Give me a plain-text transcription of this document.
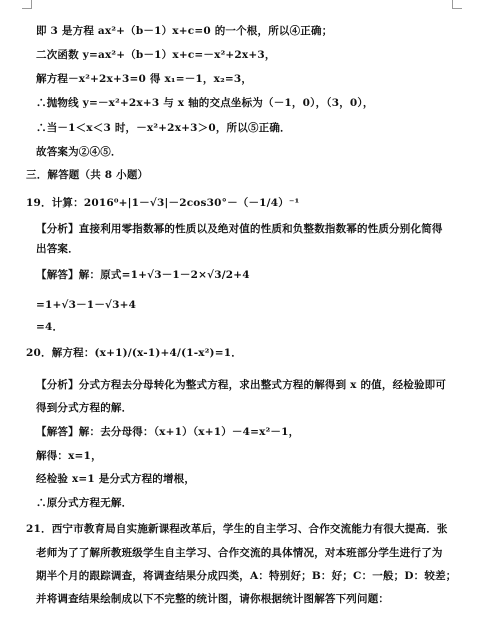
即 3 是方程 ax²+（b－1）x+c=0 的一个根，所以④正确；
二次函数 y=ax²+（b－1）x+c=－x²+2x+3，
解方程－x²+2x+3=0 得 x₁=－1，x₂=3，
∴抛物线 y=－x²+2x+3 与 x 轴的交点坐标为（－1，0），（3，0），
∴当－1＜x＜3 时，－x²+2x+3＞0，所以⑤正确．
故答案为②④⑤．
三．解答题（共 8 小题）
19．计算：2016⁰+|1－√3|－2cos30°－（－1/4）⁻¹
【分析】直接利用零指数幂的性质以及绝对值的性质和负整数指数幂的性质分别化简得
出答案．
【解答】解：原式=1+√3－1－2×√3/2+4
=1+√3－1－√3+4
=4．
20．解方程：(x+1)/(x-1)+4/(1-x²)=1．
【分析】分式方程去分母转化为整式方程，求出整式方程的解得到 x 的值，经检验即可
得到分式方程的解．
【解答】解：去分母得：（x+1）（x+1）－4=x²－1，
解得：x=1，
经检验 x=1 是分式方程的增根，
∴原分式方程无解．
21．西宁市教育局自实施新课程改革后，学生的自主学习、合作交流能力有很大提高．张
老师为了了解所教班级学生自主学习、合作交流的具体情况，对本班部分学生进行了为
期半个月的跟踪调查，将调查结果分成四类，A：特别好；B：好；C：一般；D：较差；
并将调查结果绘制成以下不完整的统计图，请你根据统计图解答下列问题：
